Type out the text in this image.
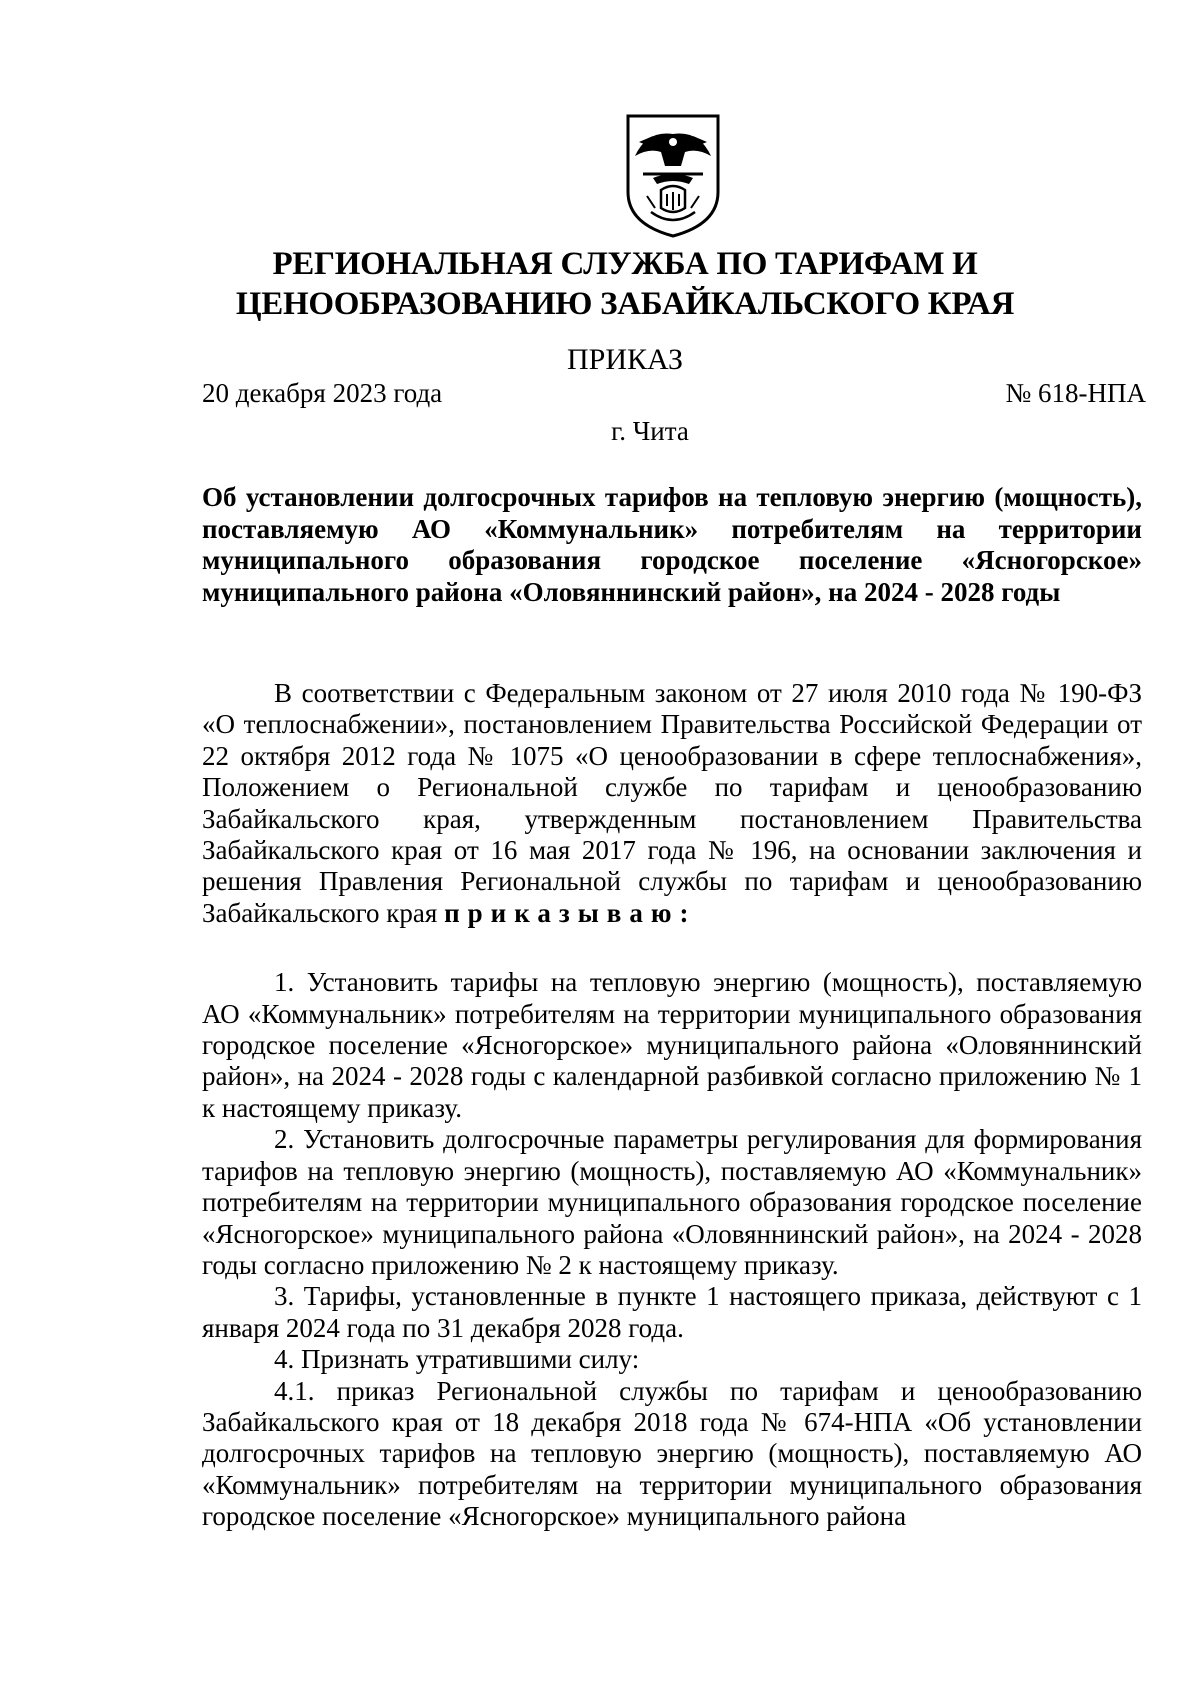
РЕГИОНАЛЬНАЯ СЛУЖБА ПО ТАРИФАМ И
ЦЕНООБРАЗОВАНИЮ ЗАБАЙКАЛЬСКОГО КРАЯ
ПРИКАЗ
20 декабря 2023 года	№ 618-НПА
г. Чита
Об установлении долгосрочных тарифов на тепловую энергию (мощность), поставляемую АО «Коммунальник» потребителям на территории муниципального образования городское поселение «Ясногорское» муниципального района «Оловяннинский район», на 2024 - 2028 годы

В соответствии с Федеральным законом от 27 июля 2010 года № 190-ФЗ «О теплоснабжении», постановлением Правительства Российской Федерации от 22 октября 2012 года № 1075 «О ценообразовании в сфере теплоснабжения», Положением о Региональной службе по тарифам и ценообразованию Забайкальского края, утвержденным постановлением Правительства Забайкальского края от 16 мая 2017 года № 196, на основании заключения и решения Правления Региональной службы по тарифам и ценообразованию Забайкальского края приказываю:

1. Установить тарифы на тепловую энергию (мощность), поставляемую АО «Коммунальник» потребителям на территории муниципального образования городское поселение «Ясногорское» муниципального района «Оловяннинский район», на 2024 - 2028 годы с календарной разбивкой согласно приложению № 1 к настоящему приказу.

2. Установить долгосрочные параметры регулирования для формирования тарифов на тепловую энергию (мощность), поставляемую АО «Коммунальник» потребителям на территории муниципального образования городское поселение «Ясногорское» муниципального района «Оловяннинский район», на 2024 - 2028 годы согласно приложению № 2 к настоящему приказу.

3. Тарифы, установленные в пункте 1 настоящего приказа, действуют с 1 января 2024 года по 31 декабря 2028 года.

4. Признать утратившими силу:

4.1. приказ Региональной службы по тарифам и ценообразованию Забайкальского края от 18 декабря 2018 года № 674-НПА «Об установлении долгосрочных тарифов на тепловую энергию (мощность), поставляемую АО «Коммунальник» потребителям на территории муниципального образования городское поселение «Ясногорское» муниципального района
